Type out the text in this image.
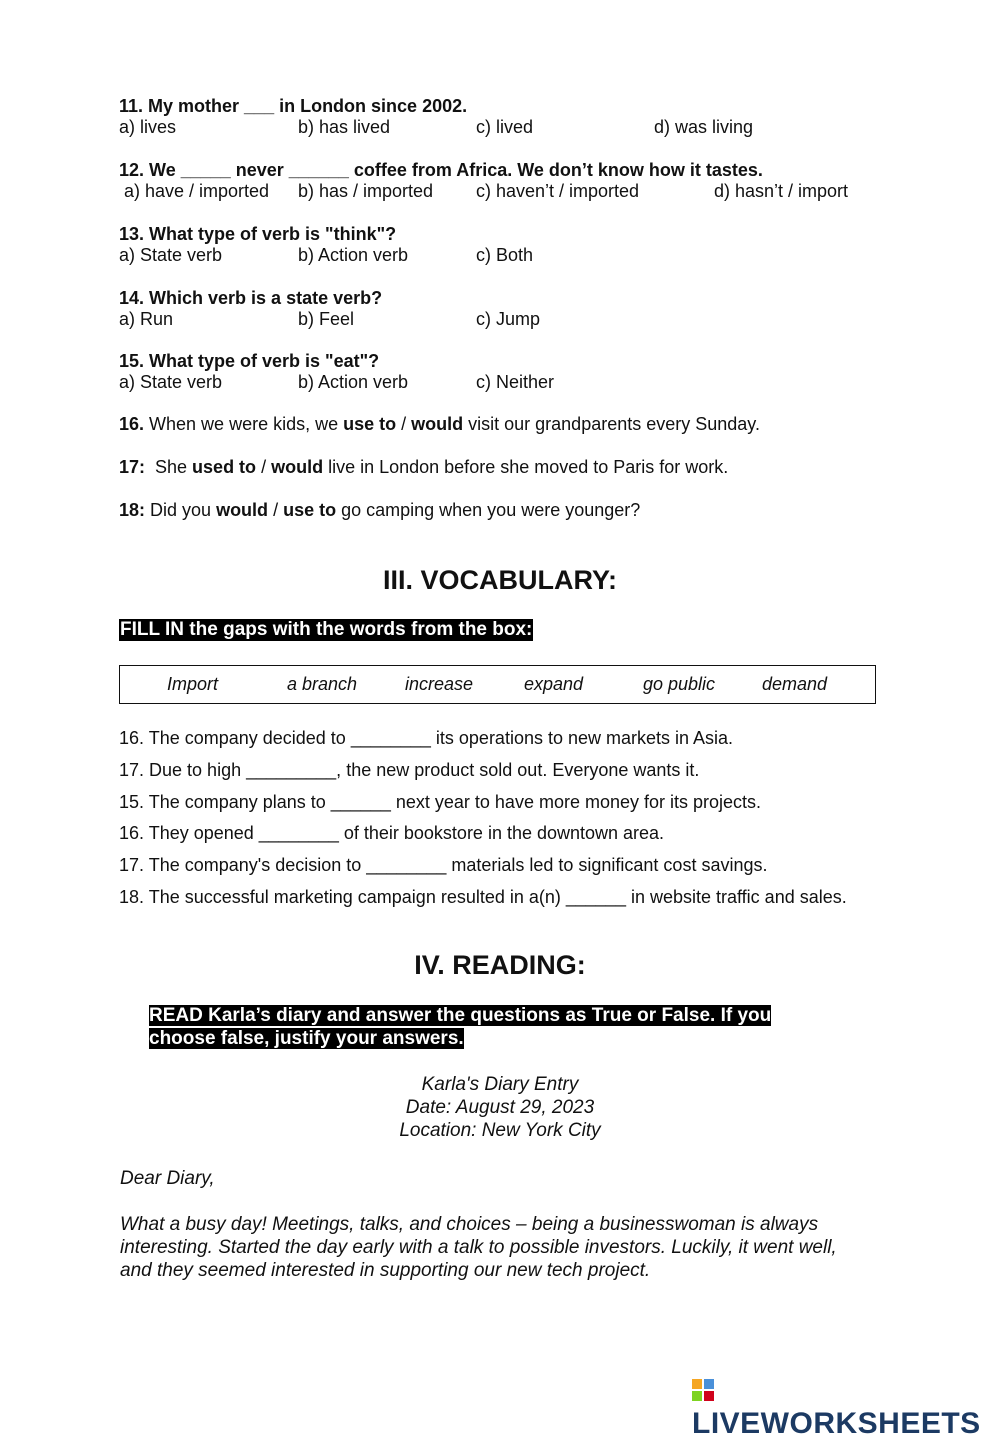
11. My mother ___ in London since 2002.
a) lives	b) has lived	c) lived	d) was living
12. We _____ never ______ coffee from Africa. We don’t know how it tastes.
a) have / imported b) has / imported c) haven’t / imported	d) hasn’t / import
13. What type of verb is "think"?
a) State verb	b) Action verb	c) Both
14. Which verb is a state verb?
a) Run	b) Feel	c) Jump
15. What type of verb is "eat"?
a) State verb	b) Action verb	c) Neither
16. When we were kids, we use to / would visit our grandparents every Sunday.
17:  She used to / would live in London before she moved to Paris for work.
18: Did you would / use to go camping when you were younger?
III. VOCABULARY:
FILL IN the gaps with the words from the box:
Import	a branch	increase	expand	go public	demand
16. The company decided to ________ its operations to new markets in Asia.
17. Due to high _________, the new product sold out. Everyone wants it.
15. The company plans to ______ next year to have more money for its projects.
16. They opened ________ of their bookstore in the downtown area.
17. The company's decision to ________ materials led to significant cost savings.
18. The successful marketing campaign resulted in a(n) ______ in website traffic and sales.
IV. READING:
READ Karla’s diary and answer the questions as True or False. If you
choose false, justify your answers.
Karla's Diary Entry
Date: August 29, 2023
Location: New York City
Dear Diary,
What a busy day! Meetings, talks, and choices – being a businesswoman is always
interesting. Started the day early with a talk to possible investors. Luckily, it went well,
and they seemed interested in supporting our new tech project.
LIVEWORKSHEETS
